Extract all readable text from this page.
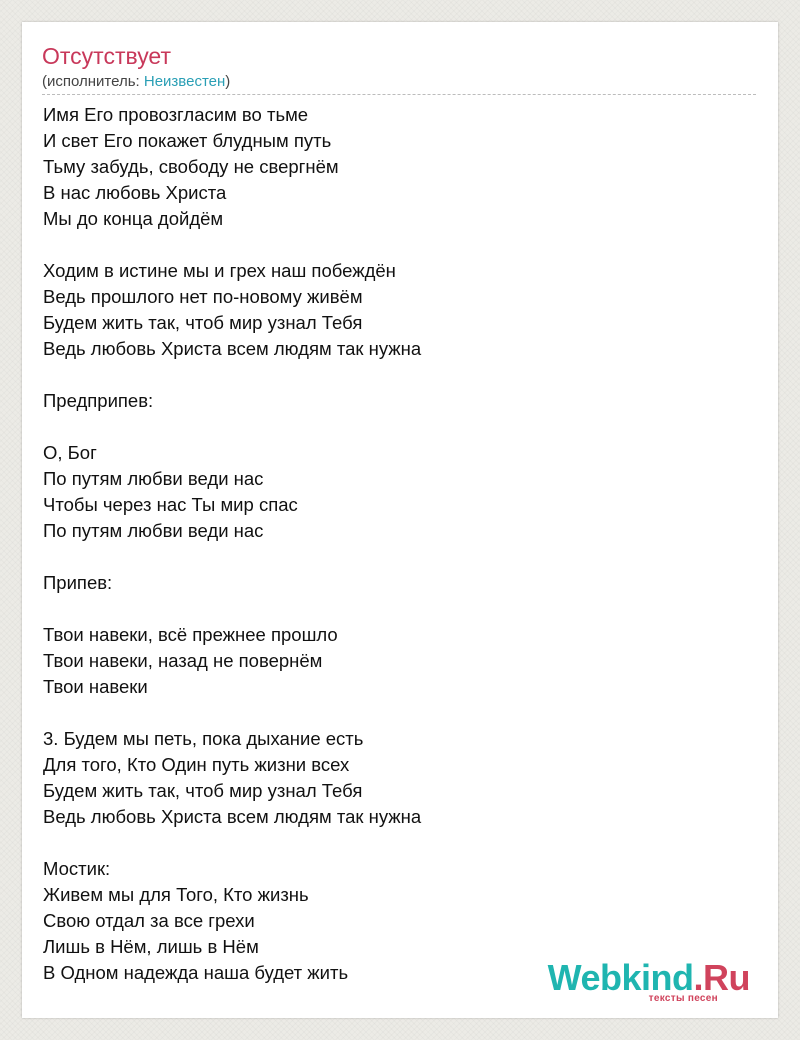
Отсутствует
(исполнитель: Неизвестен)
Имя Его провозгласим во тьме
И свет Его покажет блудным путь
Тьму забудь, свободу не свергнём
В нас любовь Христа
Мы до конца дойдём

Ходим в истине мы и грех наш побеждён
Ведь прошлого нет по-новому живём
Будем жить так, чтоб мир узнал Тебя
Ведь любовь Христа всем людям так нужна

Предприпев:

О, Бог
По путям любви веди нас
Чтобы через нас Ты мир спас
По путям любви веди нас

Припев:

Твои навеки, всё прежнее прошло
Твои навеки, назад не повернём
Твои навеки

3. Будем мы петь, пока дыхание есть
Для того, Кто Один путь жизни всех
Будем жить так, чтоб мир узнал Тебя
Ведь любовь Христа всем людям так нужна

Мостик:
Живем мы для Того, Кто жизнь
Свою отдал за все грехи
Лишь в Нём, лишь в Нём
В Одном надежда наша будет жить	Webkind.Ru
тексты песен
